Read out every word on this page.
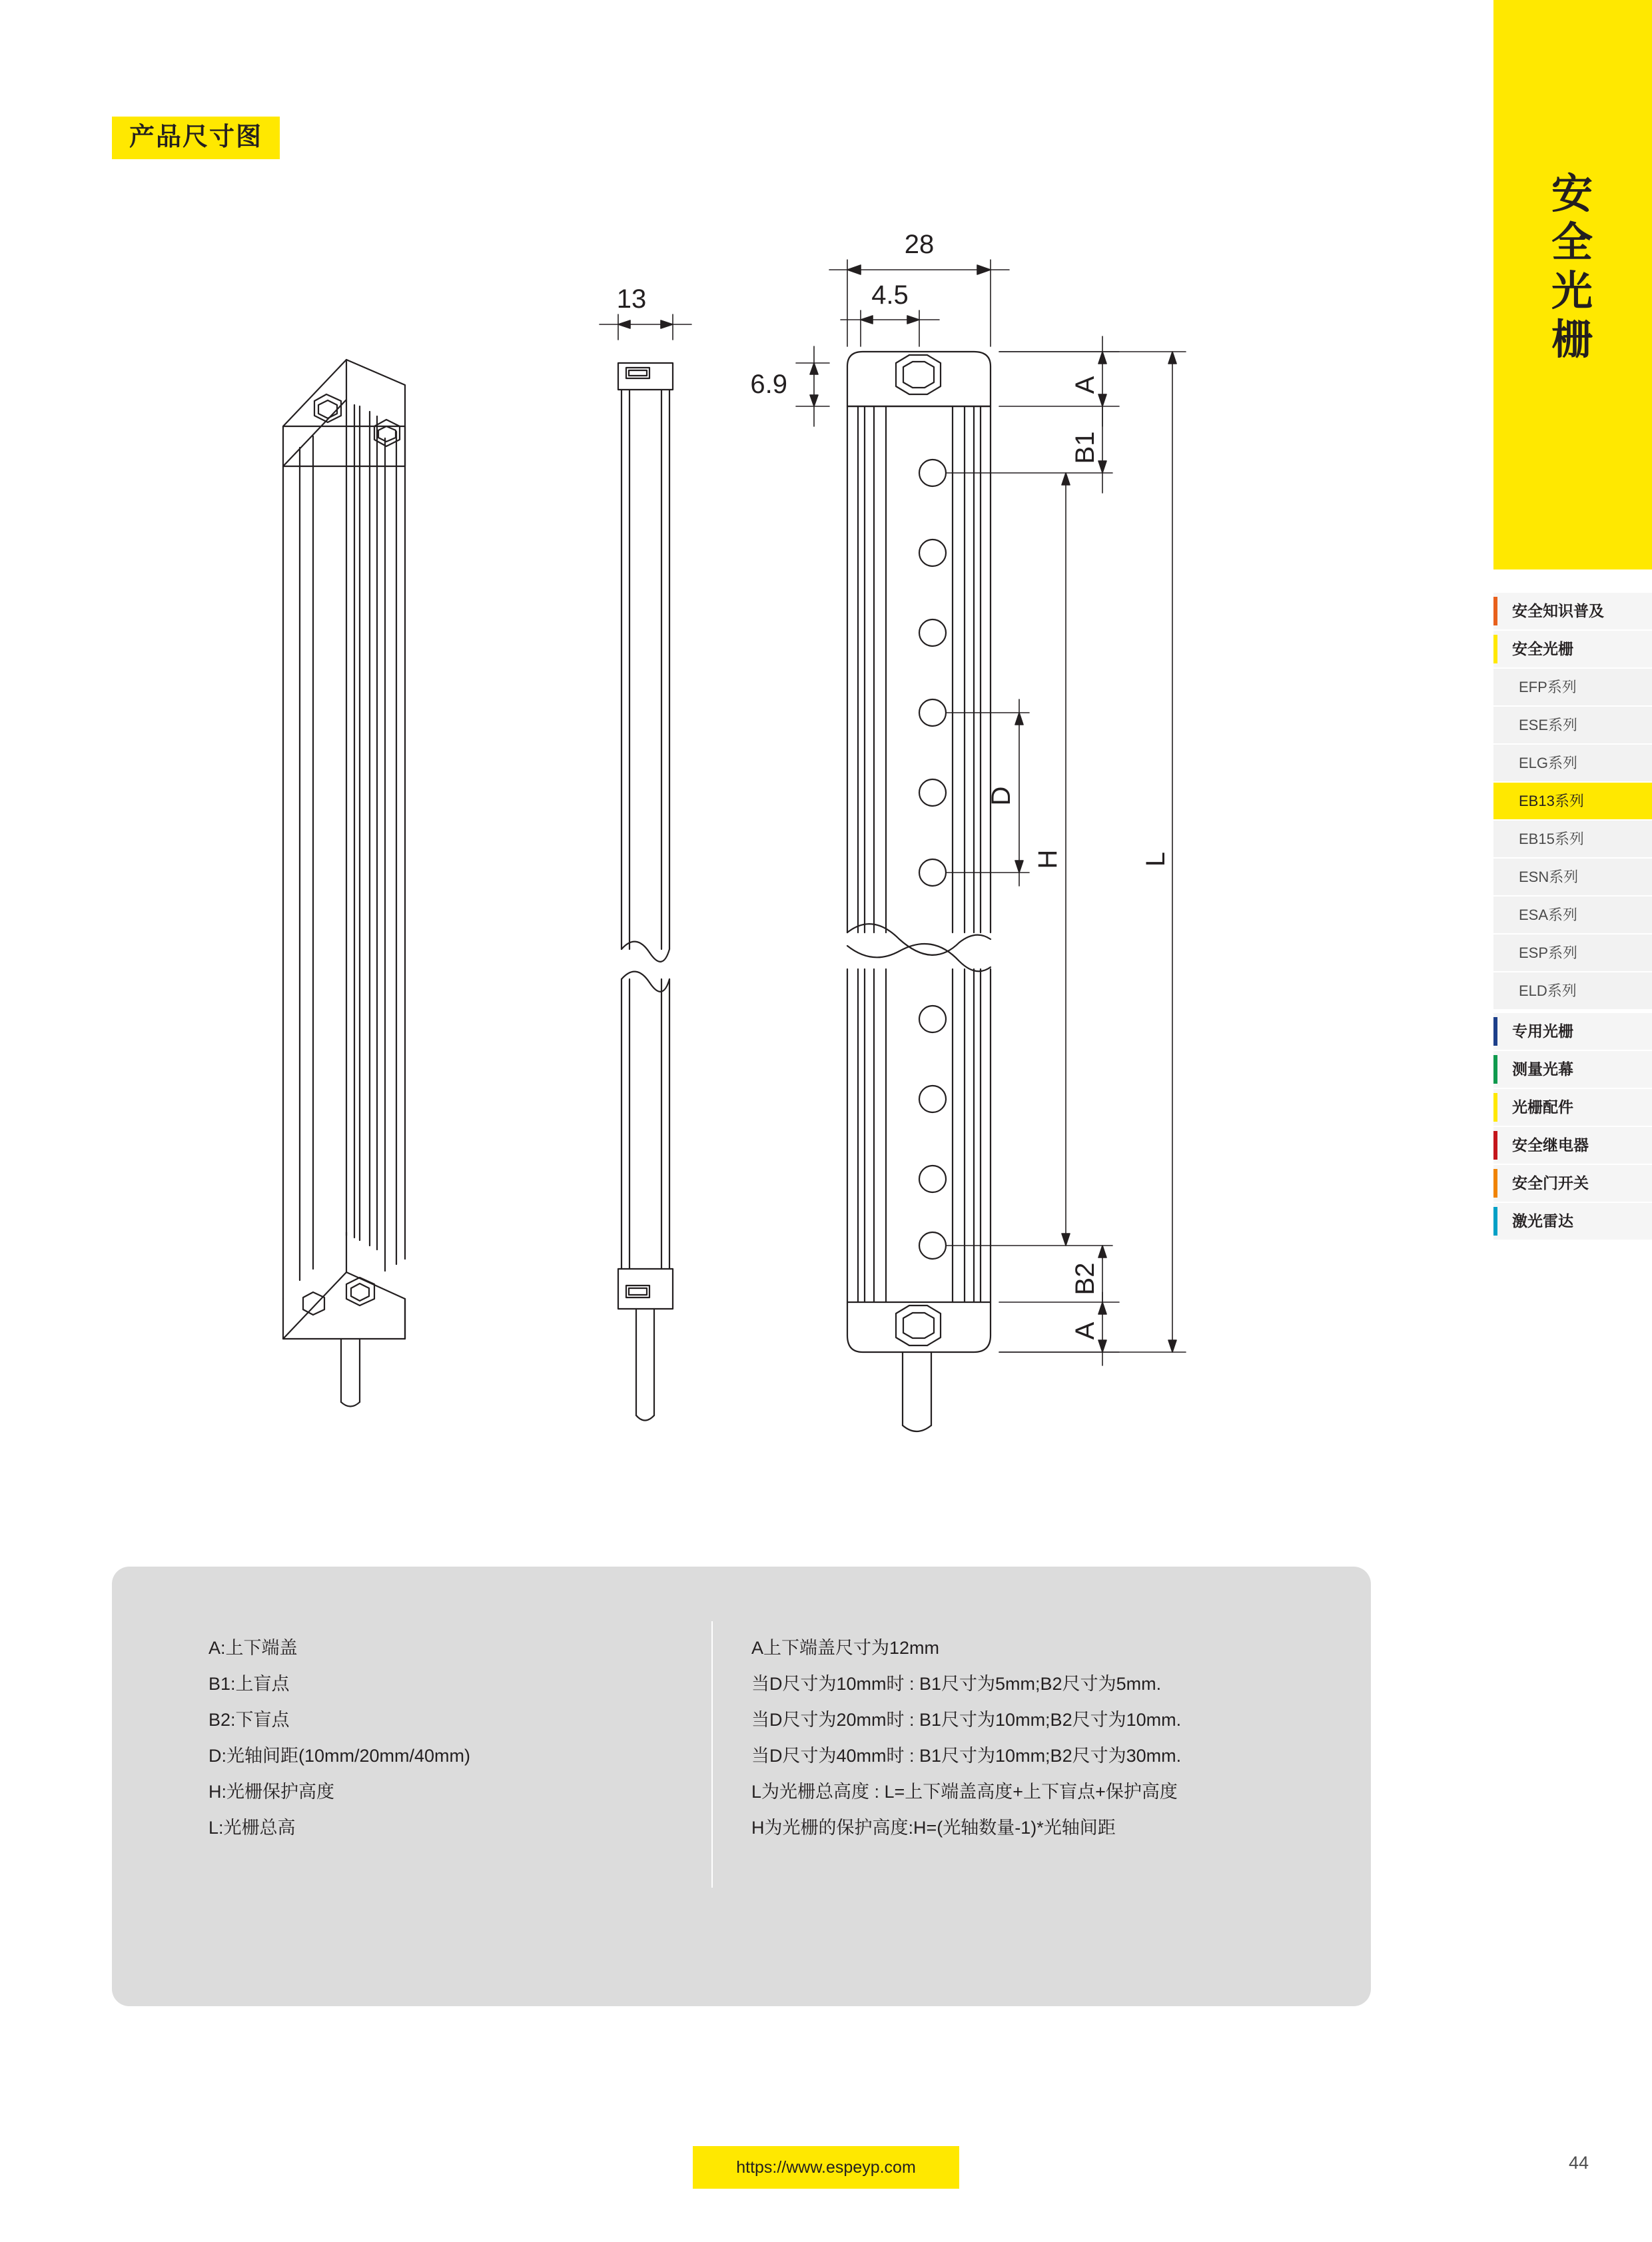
产品尺寸图
13
28
4.5
6.9	A
B1
D
H	L
B2
A
安
全
光
栅
安全知识普及
安全光栅
EFP系列
ESE系列
ELG系列
EB13系列
EB15系列
ESN系列
ESA系列
ESP系列
ELD系列
专用光栅
测量光幕
光栅配件
安全继电器
安全门开关
激光雷达
A:上下端盖
B1:上盲点
B2:下盲点
D:光轴间距(10mm/20mm/40mm)
H:光栅保护高度
L:光栅总高
A上下端盖尺寸为12mm
当D尺寸为10mm时 : B1尺寸为5mm;B2尺寸为5mm.
当D尺寸为20mm时 : B1尺寸为10mm;B2尺寸为10mm.
当D尺寸为40mm时 : B1尺寸为10mm;B2尺寸为30mm.
L为光栅总高度 : L=上下端盖高度+上下盲点+保护高度
H为光栅的保护高度:H=(光轴数量-1)*光轴间距
https://www.espeyp.com	44
